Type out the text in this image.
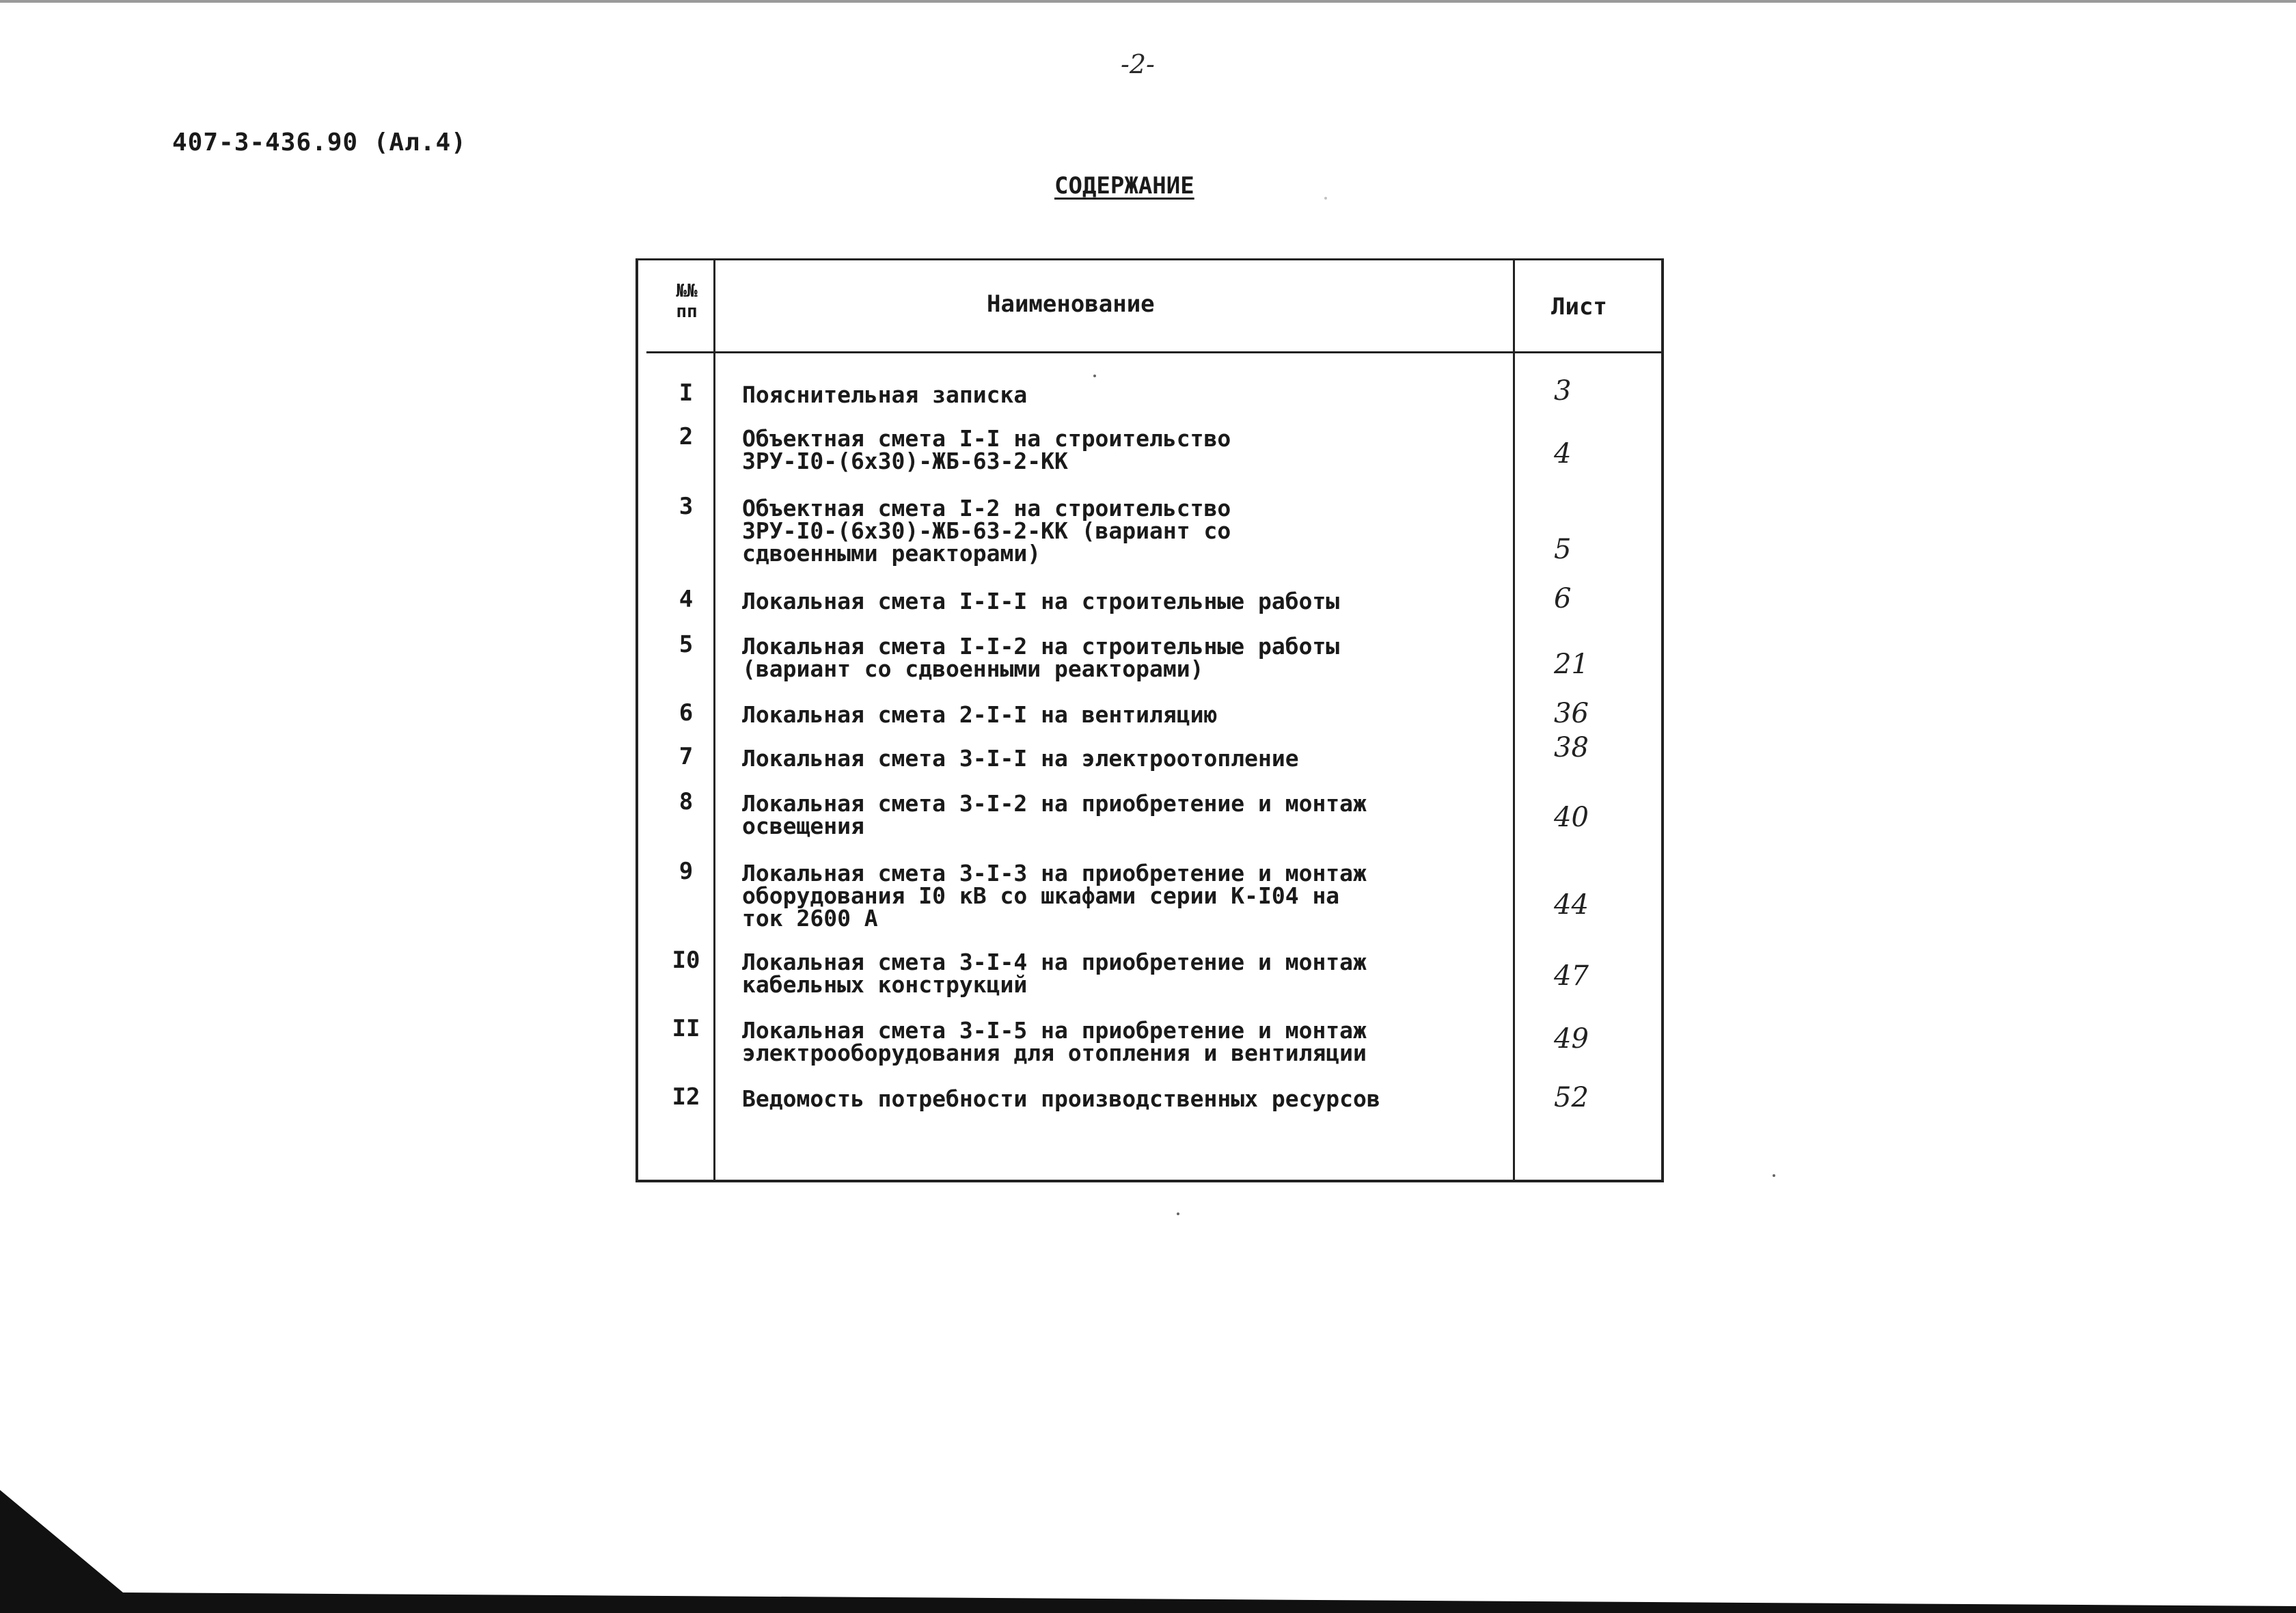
-2-
407-3-436.90 (Ал.4)
СОДЕРЖАНИЕ
№№
пп	Наименование	Лист
I	Пояснительная записка	3
2	Объектная смета I-I на строительство
ЗРУ-I0-(6х30)-ЖБ-63-2-КК	4
3	Объектная смета I-2 на строительство
ЗРУ-I0-(6х30)-ЖБ-63-2-КК (вариант со
сдвоенными реакторами)	5
4	Локальная смета I-I-I на строительные работы	6
5	Локальная смета I-I-2 на строительные работы
(вариант со сдвоенными реакторами)	21
6	Локальная смета 2-I-I на вентиляцию	36
7	Локальная смета 3-I-I на электроотопление	38
8	Локальная смета 3-I-2 на приобретение и монтаж
освещения	40
9	Локальная смета 3-I-3 на приобретение и монтаж
оборудования I0 кВ со шкафами серии К-I04 на
ток 2600 А	44
I0	Локальная смета 3-I-4 на приобретение и монтаж
кабельных конструкций	47
II	Локальная смета 3-I-5 на приобретение и монтаж
электрооборудования для отопления и вентиляции	49
I2	Ведомость потребности производственных ресурсов	52
